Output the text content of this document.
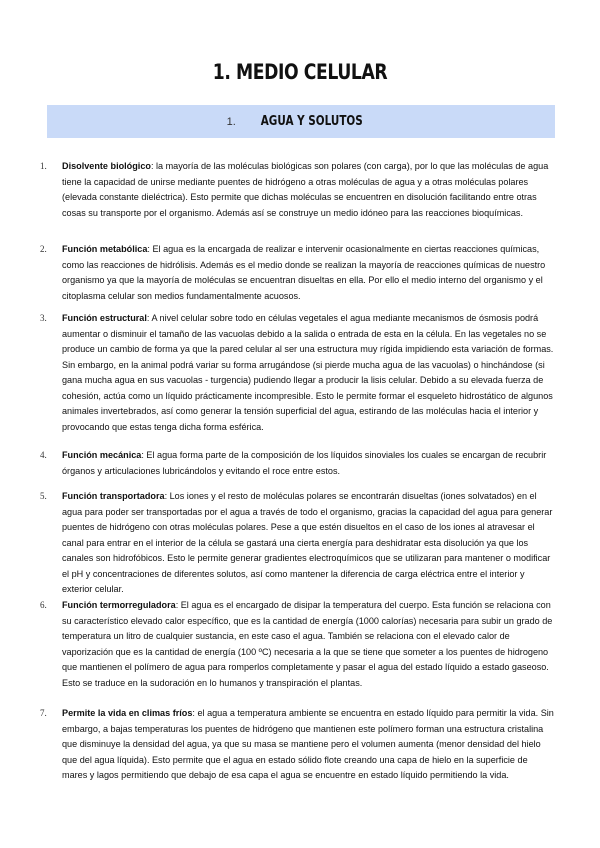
1. MEDIO CELULAR
1. AGUA Y SOLUTOS
1. Disolvente biológico: la mayoría de las moléculas biológicas son polares (con carga), por lo que las moléculas de agua tiene la capacidad de unirse mediante puentes de hidrógeno a otras moléculas de agua y a otras moléculas polares (elevada constante dieléctrica). Esto permite que dichas moléculas se encuentren en disolución facilitando entre otras cosas su transporte por el organismo. Además así se construye un medio idóneo para las reacciones bioquímicas.
2. Función metabólica: El agua es la encargada de realizar e intervenir ocasionalmente en ciertas reacciones químicas, como las reacciones de hidrólisis. Además es el medio donde se realizan la mayoría de reacciones químicas de nuestro organismo ya que la mayoría de moléculas se encuentran disueltas en ella. Por ello el medio interno del organismo y el citoplasma celular son medios fundamentalmente acuosos.
3. Función estructural: A nivel celular sobre todo en células vegetales el agua mediante mecanismos de ósmosis podrá aumentar o disminuir el tamaño de las vacuolas debido a la salida o entrada de esta en la célula. En las vegetales no se produce un cambio de forma ya que la pared celular al ser una estructura muy rígida impidiendo esta variación de formas. Sin embargo, en la animal podrá variar su forma arrugándose (si pierde mucha agua de las vacuolas) o hinchándose (si gana mucha agua en sus vacuolas - turgencia) pudiendo llegar a producir la lisis celular. Debido a su elevada fuerza de cohesión, actúa como un líquido prácticamente incompresible. Esto le permite formar el esqueleto hidrostático de algunos animales invertebrados, así como generar la tensión superficial del agua, estirando de las moléculas hacia el interior y provocando que estas tenga dicha forma esférica.
4. Función mecánica: El agua forma parte de la composición de los líquidos sinoviales los cuales se encargan de recubrir órganos y articulaciones lubricándolos y evitando el roce entre estos.
5. Función transportadora: Los iones y el resto de moléculas polares se encontrarán disueltas (iones solvatados) en el agua para poder ser transportadas por el agua a través de todo el organismo, gracias la capacidad del agua para generar puentes de hidrógeno con otras moléculas polares. Pese a que estén disueltos en el caso de los iones al atravesar el canal para entrar en el interior de la célula se gastará una cierta energía para deshidratar esta disolución ya que los canales son hidrofóbicos. Esto le permite generar gradientes electroquímicos que se utilizaran para mantener o modificar el pH y concentraciones de diferentes solutos, así como mantener la diferencia de carga eléctrica entre el interior y exterior celular.
6. Función termorreguladora: El agua es el encargado de disipar la temperatura del cuerpo. Esta función se relaciona con su característico elevado calor específico, que es la cantidad de energía (1000 calorías) necesaria para subir un grado de temperatura un litro de cualquier sustancia, en este caso el agua. También se relaciona con el elevado calor de vaporización que es la cantidad de energía (100 ºC) necesaria a la que se tiene que someter a los puentes de hidrogeno que mantienen el polímero de agua para romperlos completamente y pasar el agua del estado líquido a estado gaseoso. Esto se traduce en la sudoración en lo humanos y transpiración el plantas.
7. Permite la vida en climas fríos: el agua a temperatura ambiente se encuentra en estado líquido para permitir la vida. Sin embargo, a bajas temperaturas los puentes de hidrógeno que mantienen este polímero forman una estructura cristalina que disminuye la densidad del agua, ya que su masa se mantiene pero el volumen aumenta (menor densidad del hielo que del agua líquida). Esto permite que el agua en estado sólido flote creando una capa de hielo en la superficie de mares y lagos permitiendo que debajo de esa capa el agua se encuentre en estado líquido permitiendo la vida.
